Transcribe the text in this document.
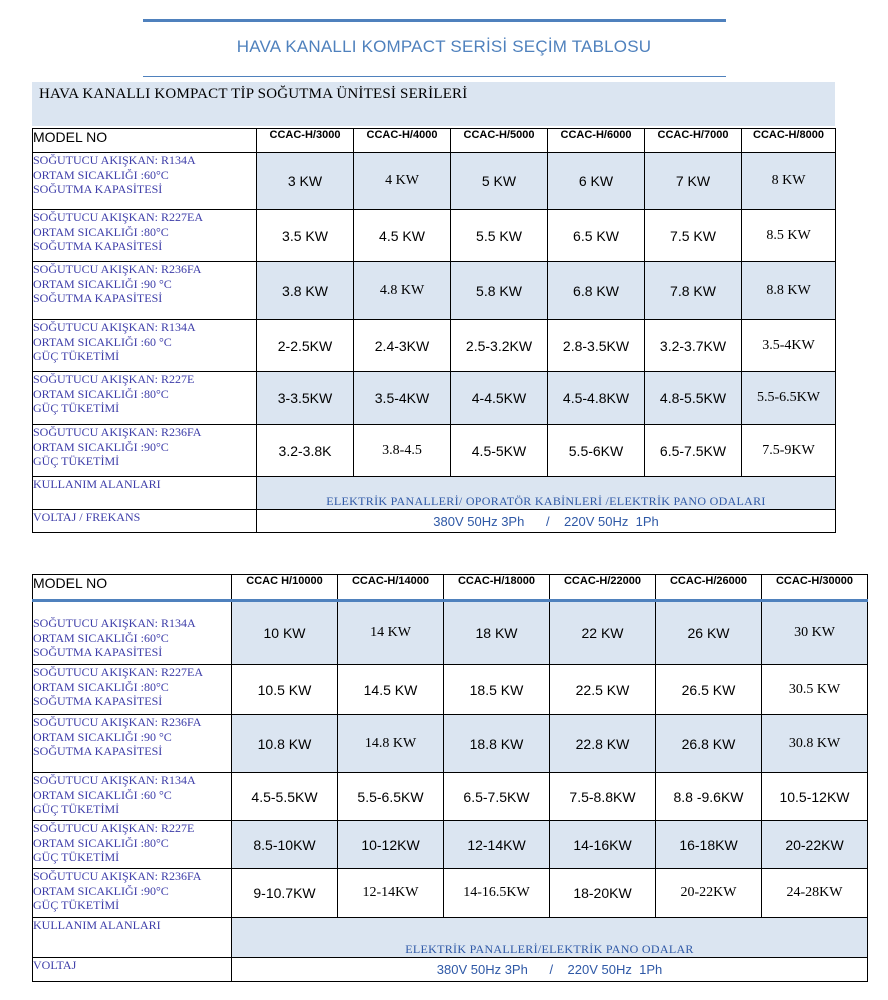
HAVA KANALLI KOMPACT SERİSİ SEÇİM TABLOSU
HAVA KANALLI KOMPACT TİP SOĞUTMA ÜNİTESİ SERİLERİ
MODEL NO	CCAC-H/3000	CCAC-H/4000	CCAC-H/5000	CCAC-H/6000	CCAC-H/7000	CCAC-H/8000

SOĞUTUCU AKIŞKAN: R134A
ORTAM SICAKLIĞI :60°C
SOĞUTMA KAPASİTESİ	3 KW	4 KW	5 KW	6 KW	7 KW	8 KW

SOĞUTUCU AKIŞKAN: R227EA
ORTAM SICAKLIĞI :80°C
SOĞUTMA KAPASİTESİ	3.5 KW	4.5 KW	5.5 KW	6.5 KW	7.5 KW	8.5 KW

SOĞUTUCU AKIŞKAN: R236FA
ORTAM SICAKLIĞI :90 °C
SOĞUTMA KAPASİTESİ	3.8 KW	4.8 KW	5.8 KW	6.8 KW	7.8 KW	8.8 KW

SOĞUTUCU AKIŞKAN: R134A
ORTAM SICAKLIĞI :60 °C
GÜÇ TÜKETİMİ	2-2.5KW	2.4-3KW	2.5-3.2KW	2.8-3.5KW	3.2-3.7KW	3.5-4KW

SOĞUTUCU AKIŞKAN: R227E
ORTAM SICAKLIĞI :80°C
GÜÇ TÜKETİMİ	3-3.5KW	3.5-4KW	4-4.5KW	4.5-4.8KW	4.8-5.5KW	5.5-6.5KW

SOĞUTUCU AKIŞKAN: R236FA
ORTAM SICAKLIĞI :90°C
GÜÇ TÜKETİMİ	3.2-3.8K	3.8-4.5	4.5-5KW	5.5-6KW	6.5-7.5KW	7.5-9KW
KULLANIM ALANLARI	ELEKTRİK PANALLERİ/ OPORATÖR KABİNLERİ /ELEKTRİK PANO ODALARI					
VOLTAJ / FREKANS	380V 50Hz 3Ph      /    220V 50Hz  1Ph					
MODEL NO	CCAC H/10000	CCAC-H/14000	CCAC-H/18000	CCAC-H/22000	CCAC-H/26000	CCAC-H/30000

SOĞUTUCU AKIŞKAN: R134A
ORTAM SICAKLIĞI :60°C
SOĞUTMA KAPASİTESİ	10 KW	14 KW	18 KW	22 KW	26 KW	30 KW

SOĞUTUCU AKIŞKAN: R227EA
ORTAM SICAKLIĞI :80°C
SOĞUTMA KAPASİTESİ	10.5 KW	14.5 KW	18.5 KW	22.5 KW	26.5 KW	30.5 KW

SOĞUTUCU AKIŞKAN: R236FA
ORTAM SICAKLIĞI :90 °C
SOĞUTMA KAPASİTESİ	10.8 KW	14.8 KW	18.8 KW	22.8 KW	26.8 KW	30.8 KW

SOĞUTUCU AKIŞKAN: R134A
ORTAM SICAKLIĞI :60 °C
GÜÇ TÜKETİMİ	4.5-5.5KW	5.5-6.5KW	6.5-7.5KW	7.5-8.8KW	8.8 -9.6KW	10.5-12KW

SOĞUTUCU AKIŞKAN: R227E
ORTAM SICAKLIĞI :80°C
GÜÇ TÜKETİMİ	8.5-10KW	10-12KW	12-14KW	14-16KW	16-18KW	20-22KW

SOĞUTUCU AKIŞKAN: R236FA
ORTAM SICAKLIĞI :90°C
GÜÇ TÜKETİMİ	9-10.7KW	12-14KW	14-16.5KW	18-20KW	20-22KW	24-28KW
KULLANIM ALANLARI	ELEKTRİK PANALLERİ/ELEKTRİK PANO ODALAR					
VOLTAJ	380V 50Hz 3Ph      /    220V 50Hz  1Ph					
